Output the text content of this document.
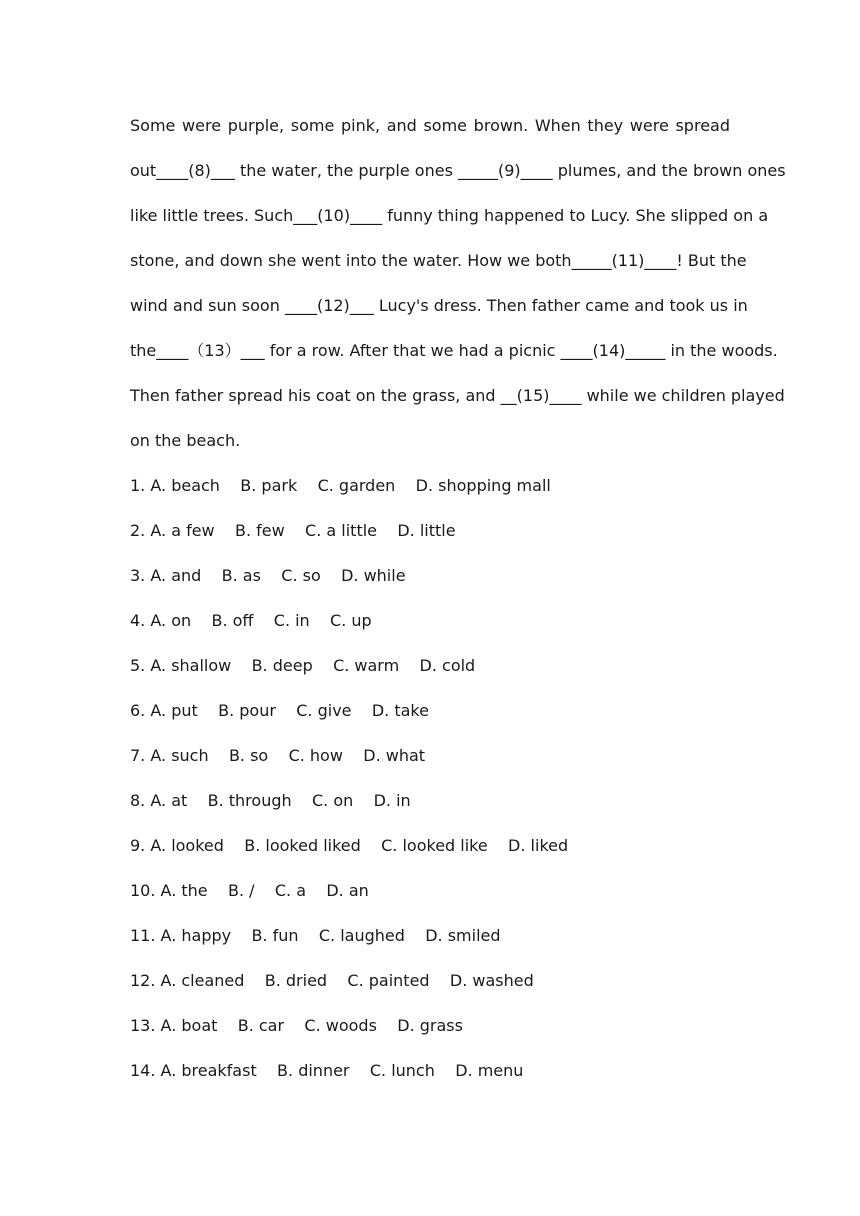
Some were purple, some pink, and some brown. When they were spread
out____(8)___ the water, the purple ones _____(9)____ plumes, and the brown ones
like little trees. Such___(10)____ funny thing happened to Lucy. She slipped on a
stone, and down she went into the water. How we both_____(11)____! But the
wind and sun soon ____(12)___ Lucy's dress. Then father came and took us in
the____（13）___ for a row. After that we had a picnic ____(14)_____ in the woods.
Then father spread his coat on the grass, and __(15)____ while we children played
on the beach.
1. A. beach    B. park    C. garden    D. shopping mall
2. A. a few    B. few    C. a little    D. little
3. A. and    B. as    C. so    D. while
4. A. on    B. off    C. in    C. up
5. A. shallow    B. deep    C. warm    D. cold
6. A. put    B. pour    C. give    D. take
7. A. such    B. so    C. how    D. what
8. A. at    B. through    C. on    D. in
9. A. looked    B. looked liked    C. looked like    D. liked
10. A. the    B. /    C. a    D. an
11. A. happy    B. fun    C. laughed    D. smiled
12. A. cleaned    B. dried    C. painted    D. washed
13. A. boat    B. car    C. woods    D. grass
14. A. breakfast    B. dinner    C. lunch    D. menu
